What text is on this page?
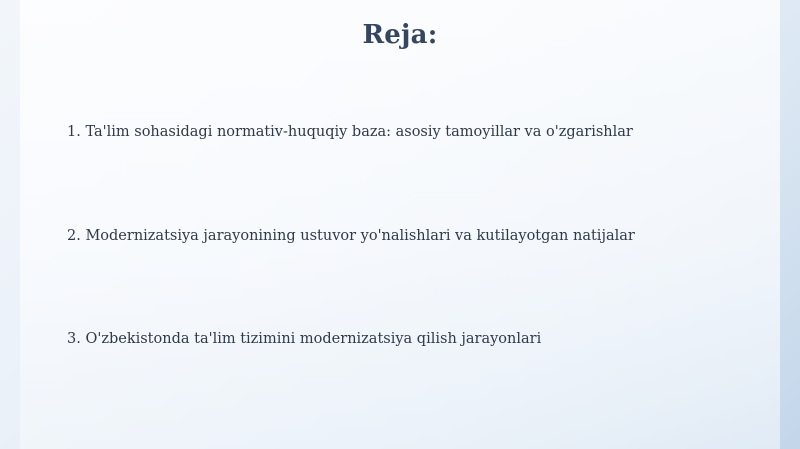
Reja:
1. Ta'lim sohasidagi normativ-huquqiy baza: asosiy tamoyillar va o'zgarishlar
2. Modernizatsiya jarayonining ustuvor yo'nalishlari va kutilayotgan natijalar
3. O'zbekistonda ta'lim tizimini modernizatsiya qilish jarayonlari
